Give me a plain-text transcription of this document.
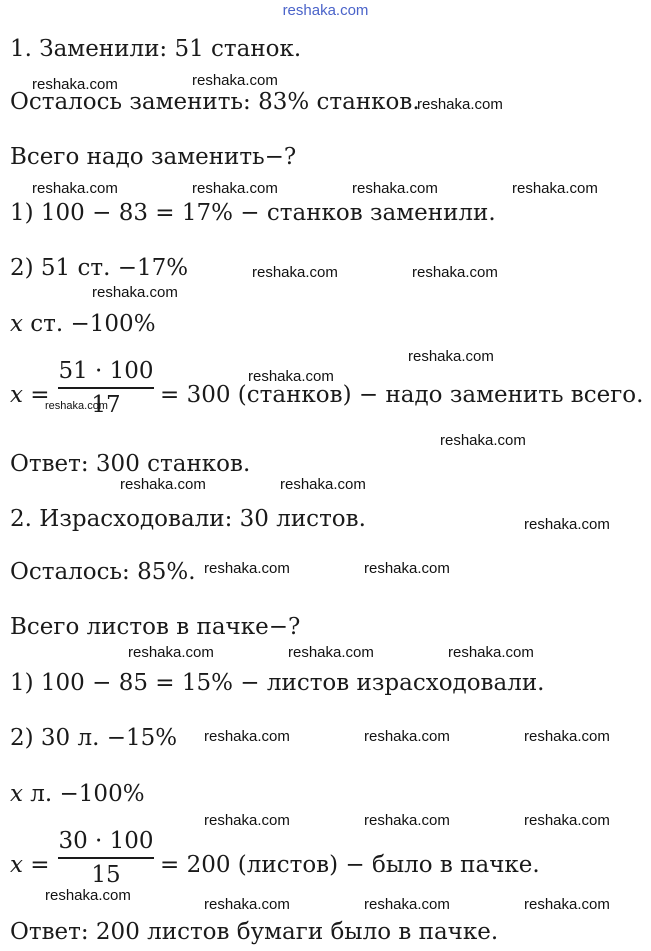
reshaka.com
1. Заменили: 51 станок.
Осталось заменить: 83% станков.
Всего надо заменить−?
1) 100 − 83 = 17% − станков заменили.
2) 51 ст. −17%
x ст. −100%
x =
51 · 100
17	= 300 (станков) − надо заменить всего.
Ответ: 300 станков.
2. Израсходовали: 30 листов.
Осталось: 85%.
Всего листов в пачке−?
1) 100 − 85 = 15% − листов израсходовали.
2) 30 л. −15%
x л. −100%
x =
30 · 100
15	= 200 (листов) − было в пачке.
Ответ: 200 листов бумаги было в пачке.
reshaka.com	reshaka.com
reshaka.com
reshaka.com	reshaka.com	reshaka.com	reshaka.com
reshaka.com	reshaka.com
reshaka.com
reshaka.com
reshaka.com
reshaka.com
reshaka.com
reshaka.com	reshaka.com
reshaka.com
reshaka.com	reshaka.com
reshaka.com	reshaka.com	reshaka.com
reshaka.com	reshaka.com	reshaka.com
reshaka.com	reshaka.com	reshaka.com
reshaka.com
reshaka.com	reshaka.com	reshaka.com
